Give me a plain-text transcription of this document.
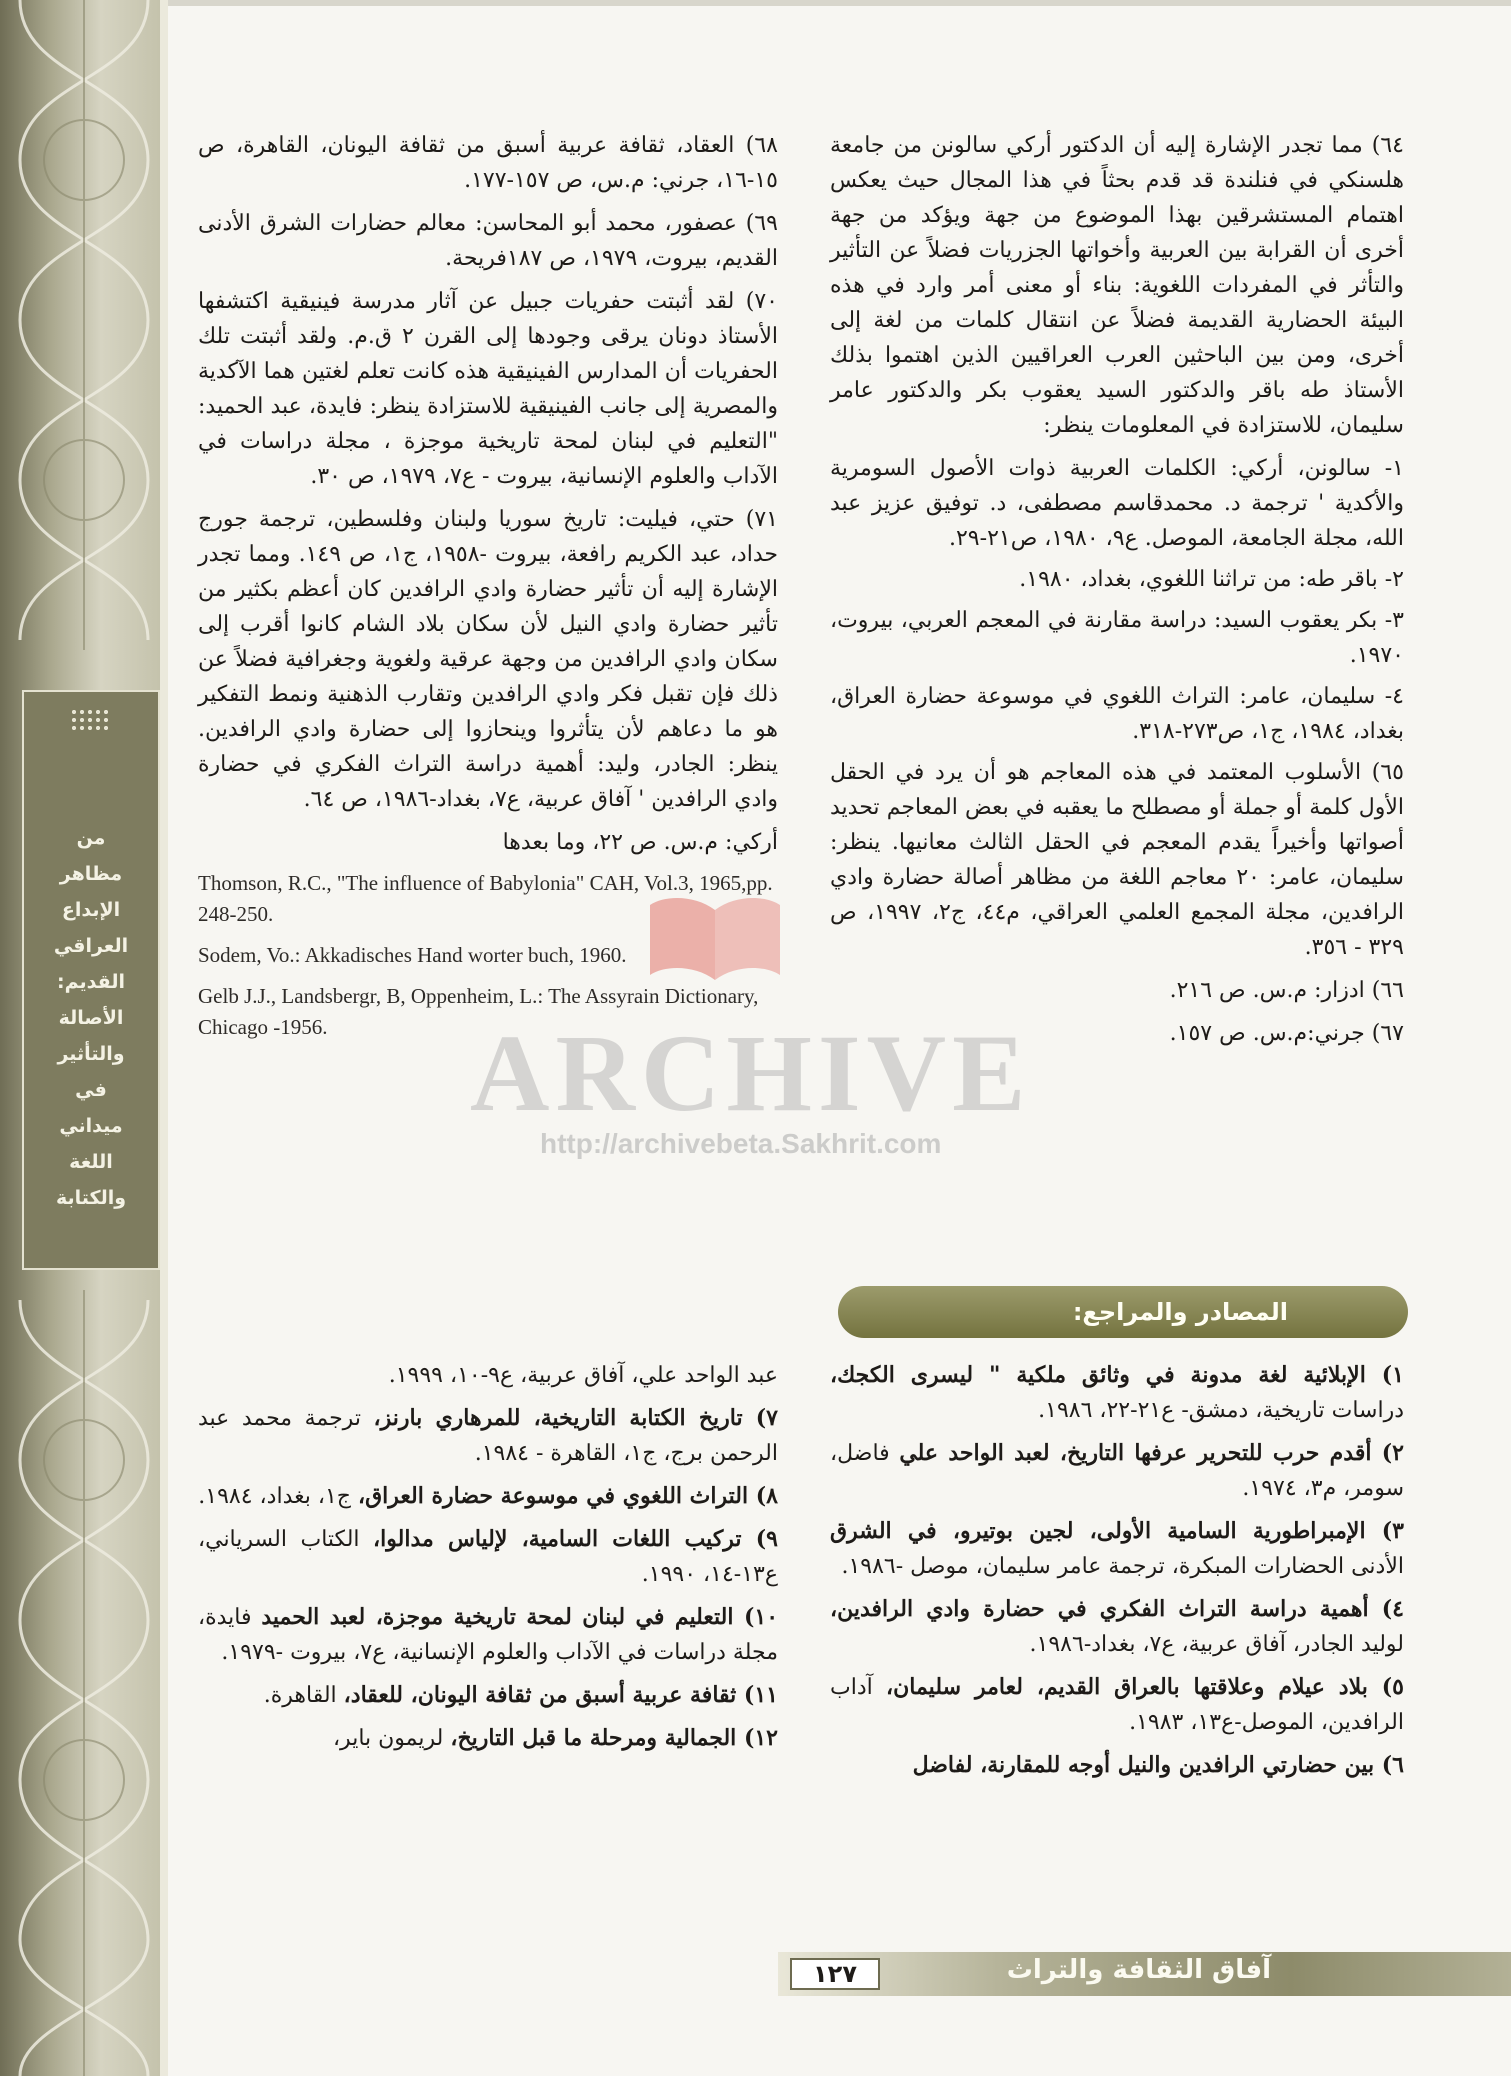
من
مظاهر
الإبداع
العراقي
القديم:
الأصالة
والتأثير
في
ميداني
اللغة
والكتابة

٦٤) مما تجدر الإشارة إليه أن الدكتور أركي سالونن من جامعة هلسنكي في فنلندة قد قدم بحثاً في هذا المجال حيث يعكس اهتمام المستشرقين بهذا الموضوع من جهة ويؤكد من جهة أخرى أن القرابة بين العربية وأخواتها الجزريات فضلاً عن التأثير والتأثر في المفردات اللغوية: بناء أو معنى أمر وارد في هذه البيئة الحضارية القديمة فضلاً عن انتقال كلمات من لغة إلى أخرى، ومن بين الباحثين العرب العراقيين الذين اهتموا بذلك الأستاذ طه باقر والدكتور السيد يعقوب بكر والدكتور عامر سليمان، للاستزادة في المعلومات ينظر:

١- سالونن، أركي: الكلمات العربية ذوات الأصول السومرية والأكدية ' ترجمة د. محمدقاسم مصطفى، د. توفيق عزيز عبد الله، مجلة الجامعة، الموصل. ع٩، ١٩٨٠، ص٢١-٢٩.

٢- باقر طه: من تراثنا اللغوي، بغداد، ١٩٨٠.

٣- بكر يعقوب السيد: دراسة مقارنة في المعجم العربي، بيروت، ١٩٧٠.

٤- سليمان، عامر: التراث اللغوي في موسوعة حضارة العراق، بغداد، ١٩٨٤، ج١، ص٢٧٣-٣١٨.

٦٥) الأسلوب المعتمد في هذه المعاجم هو أن يرد في الحقل الأول كلمة أو جملة أو مصطلح ما يعقبه في بعض المعاجم تحديد أصواتها وأخيراً يقدم المعجم في الحقل الثالث معانيها. ينظر: سليمان، عامر: ٢٠ معاجم اللغة من مظاهر أصالة حضارة وادي الرافدين، مجلة المجمع العلمي العراقي، م٤٤، ج٢، ١٩٩٧، ص ٣٢٩ - ٣٥٦.

٦٦) ادزار: م.س. ص ٢١٦.

٦٧) جرني:م.س. ص ١٥٧.

٦٨) العقاد، ثقافة عربية أسبق من ثقافة اليونان، القاهرة، ص ١٥-١٦، جرني: م.س، ص ١٥٧-١٧٧.

٦٩) عصفور، محمد أبو المحاسن: معالم حضارات الشرق الأدنى القديم، بيروت، ١٩٧٩، ص ١٨٧فريحة.

٧٠) لقد أثبتت حفريات جبيل عن آثار مدرسة فينيقية اكتشفها الأستاذ دونان يرقى وجودها إلى القرن ٢ ق.م. ولقد أثبتت تلك الحفريات أن المدارس الفينيقية هذه كانت تعلم لغتين هما الآكدية والمصرية إلى جانب الفينيقية للاستزادة ينظر: فايدة، عبد الحميد: "التعليم في لبنان لمحة تاريخية موجزة ، مجلة دراسات في الآداب والعلوم الإنسانية، بيروت - ع٧، ١٩٧٩، ص ٣٠.

٧١) حتي، فيليت: تاريخ سوريا ولبنان وفلسطين، ترجمة جورج حداد، عبد الكريم رافعة، بيروت -١٩٥٨، ج١، ص ١٤٩. ومما تجدر الإشارة إليه أن تأثير حضارة وادي الرافدين كان أعظم بكثير من تأثير حضارة وادي النيل لأن سكان بلاد الشام كانوا أقرب إلى سكان وادي الرافدين من وجهة عرقية ولغوية وجغرافية فضلاً عن ذلك فإن تقبل فكر وادي الرافدين وتقارب الذهنية ونمط التفكير هو ما دعاهم لأن يتأثروا وينحازوا إلى حضارة وادي الرافدين. ينظر: الجادر، وليد: أهمية دراسة التراث الفكري في حضارة وادي الرافدين ' آفاق عربية، ع٧، بغداد-١٩٨٦، ص ٦٤.

أركي: م.س. ص ٢٢، وما بعدها

Thomson, R.C., "The influence of Babylonia" CAH, Vol.3, 1965,pp. 248-250.

Sodem, Vo.: Akkadisches Hand worter buch, 1960.

Gelb J.J., Landsbergr, B, Oppenheim, L.: The Assyrain Dictionary, Chicago -1956.	ARCHIVE
http://archivebeta.Sakhrit.com
المصادر والمراجع:

١) الإبلائية لغة مدونة في وثائق ملكية " ليسرى الكجك، دراسات تاريخية، دمشق- ع٢١-٢٢، ١٩٨٦.

٢) أقدم حرب للتحرير عرفها التاريخ، لعبد الواحد علي فاضل، سومر، م٣، ١٩٧٤.

٣) الإمبراطورية السامية الأولى، لجين بوتيرو، في الشرق الأدنى الحضارات المبكرة، ترجمة عامر سليمان، موصل -١٩٨٦.

٤) أهمية دراسة التراث الفكري في حضارة وادي الرافدين، لوليد الجادر، آفاق عربية، ع٧، بغداد-١٩٨٦.

٥) بلاد عيلام وعلاقتها بالعراق القديم، لعامر سليمان، آداب الرافدين، الموصل-ع١٣، ١٩٨٣.

٦) بين حضارتي الرافدين والنيل أوجه للمقارنة، لفاضل

عبد الواحد علي، آفاق عربية، ع٩-١٠، ١٩٩٩.

٧) تاريخ الكتابة التاريخية، للمرهاري بارنز، ترجمة محمد عبد الرحمن برج، ج١، القاهرة - ١٩٨٤.

٨) التراث اللغوي في موسوعة حضارة العراق، ج١، بغداد، ١٩٨٤.

٩) تركيب اللغات السامية، لإلياس مدالوا، الكتاب السرياني، ع١٣-١٤، ١٩٩٠.

١٠) التعليم في لبنان لمحة تاريخية موجزة، لعبد الحميد فايدة، مجلة دراسات في الآداب والعلوم الإنسانية، ع٧، بيروت -١٩٧٩.

١١) ثقافة عربية أسبق من ثقافة اليونان، للعقاد، القاهرة.

١٢) الجمالية ومرحلة ما قبل التاريخ، لريمون باير،

آفاق الثقافة والتراث
١٢٧
